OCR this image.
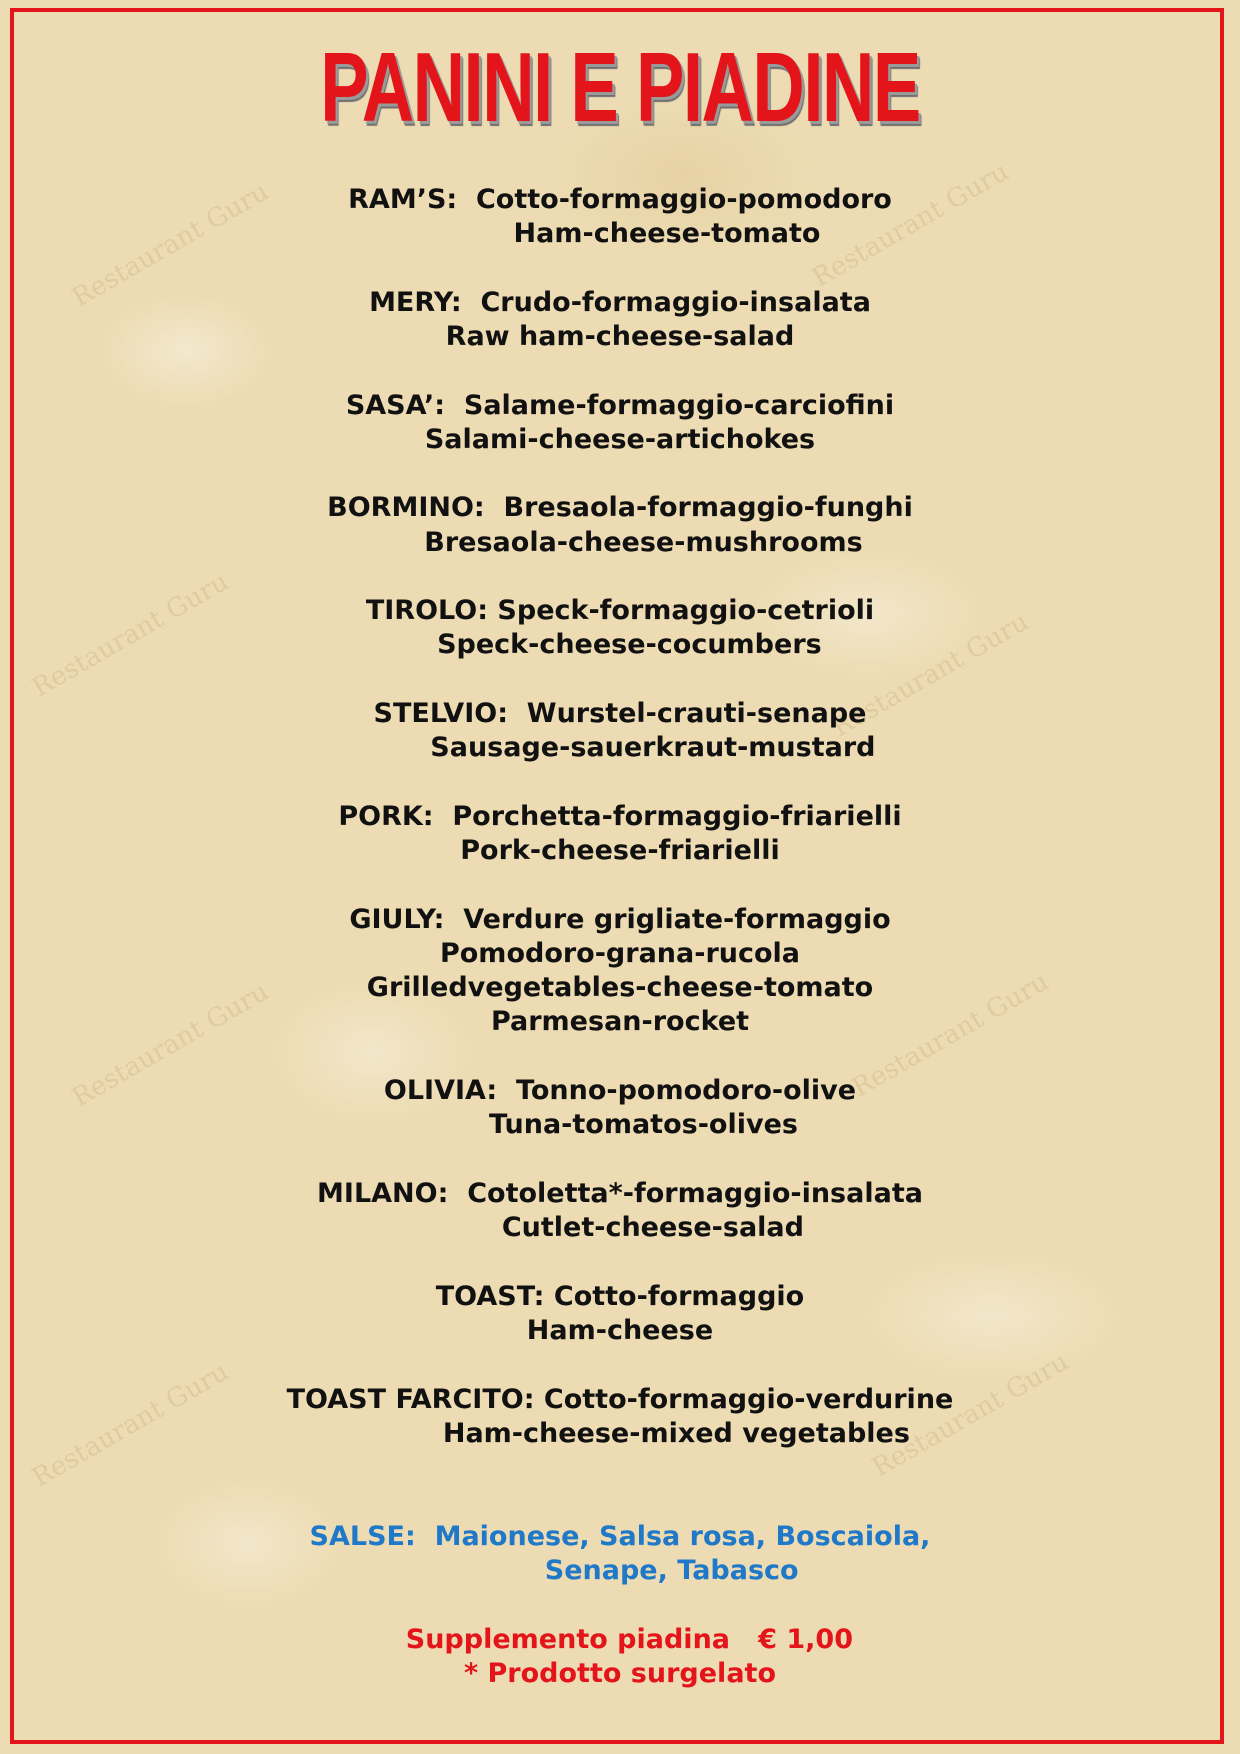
Restaurant Guru	Restaurant Guru
Restaurant Guru	Restaurant Guru
Restaurant Guru	Restaurant Guru
Restaurant Guru	Restaurant Guru
PANINI E PIADINE
RAM’S:  Cotto-formaggio-pomodoro
Ham-cheese-tomato
MERY:  Crudo-formaggio-insalata
Raw ham-cheese-salad
SASA’:  Salame-formaggio-carciofini
Salami-cheese-artichokes
BORMINO:  Bresaola-formaggio-funghi
Bresaola-cheese-mushrooms
TIROLO: Speck-formaggio-cetrioli
Speck-cheese-cocumbers
STELVIO:  Wurstel-crauti-senape
Sausage-sauerkraut-mustard
PORK:  Porchetta-formaggio-friarielli
Pork-cheese-friarielli
GIULY:  Verdure grigliate-formaggio
Pomodoro-grana-rucola
Grilledvegetables-cheese-tomato
Parmesan-rocket
OLIVIA:  Tonno-pomodoro-olive
Tuna-tomatos-olives
MILANO:  Cotoletta*-formaggio-insalata
Cutlet-cheese-salad
TOAST: Cotto-formaggio
Ham-cheese
TOAST FARCITO: Cotto-formaggio-verdurine
Ham-cheese-mixed vegetables
SALSE:  Maionese, Salsa rosa, Boscaiola,
Senape, Tabasco
Supplemento piadina   € 1,00
* Prodotto surgelato
